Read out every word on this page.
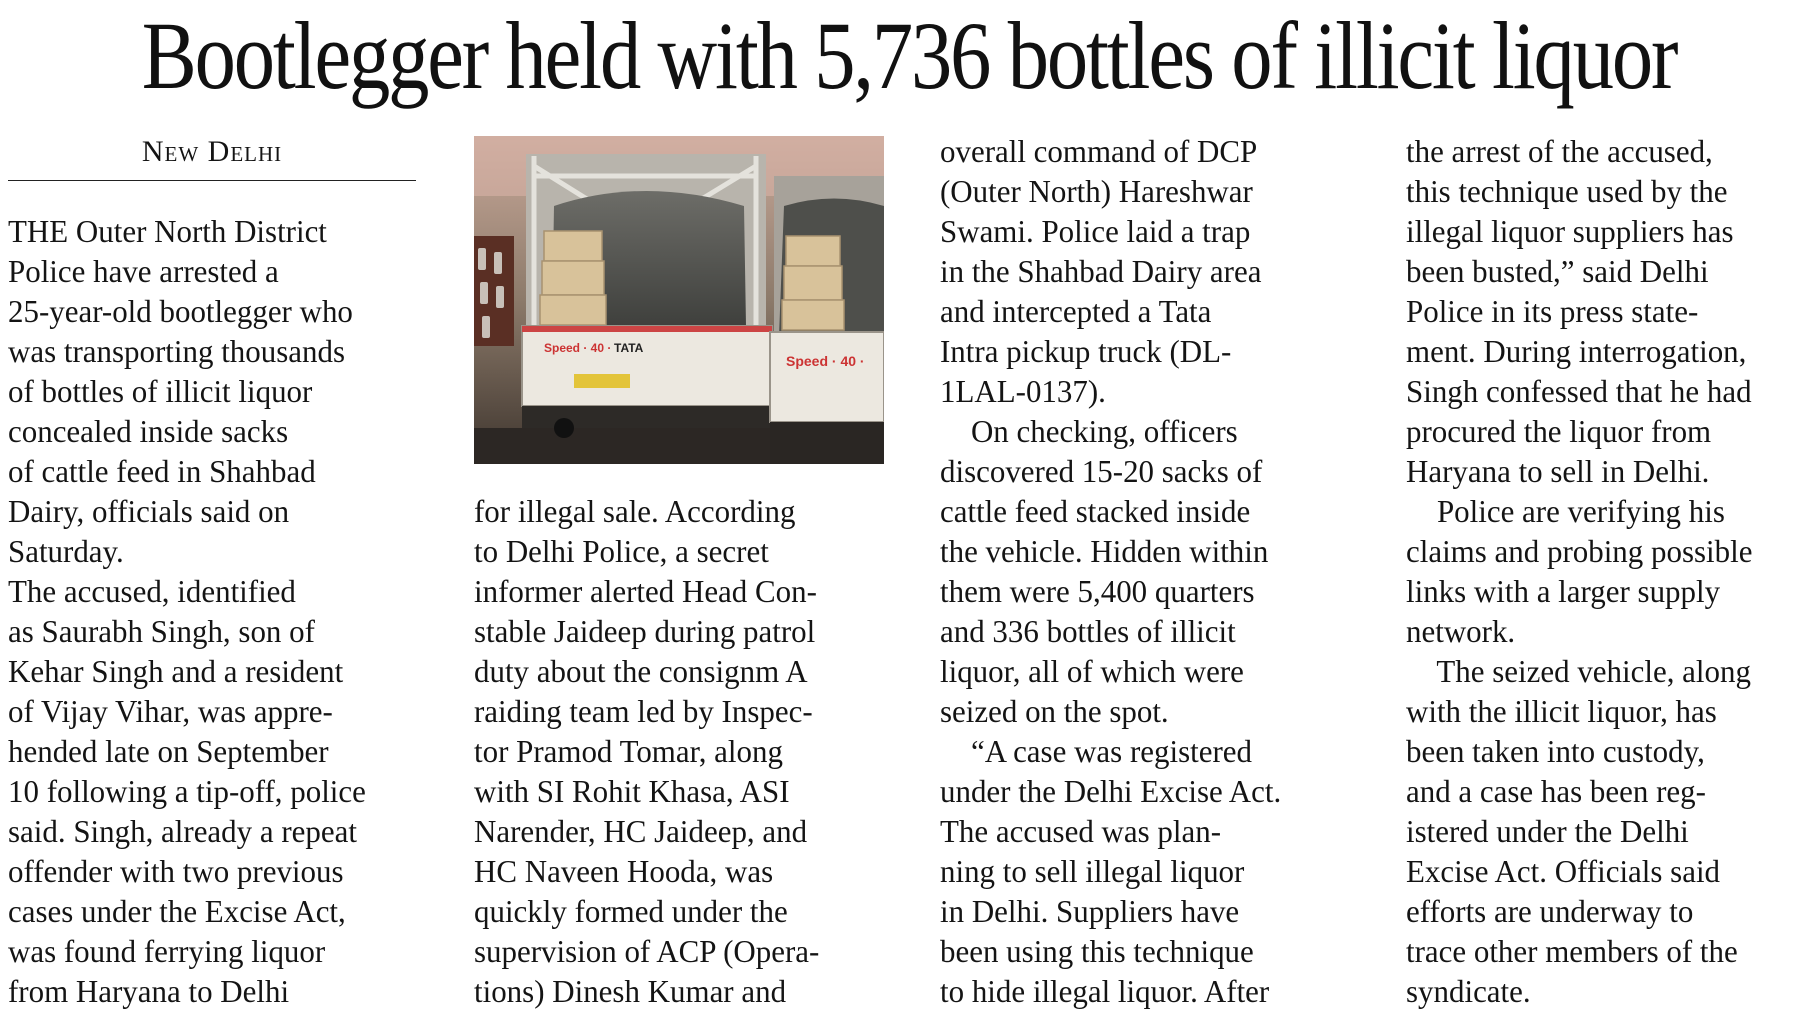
Bootlegger held with 5,736 bottles of illicit liquor
New Delhi
THE Outer North District
Police have arrested a
25-year-old bootlegger who
was transporting thousands
of bottles of illicit liquor
concealed inside sacks
of cattle feed in Shahbad
Dairy, officials said on
Saturday.
The accused, identified
as Saurabh Singh, son of
Kehar Singh and a resident
of Vijay Vihar, was appre-
hended late on September
10 following a tip-off, police
said. Singh, already a repeat
offender with two previous
cases under the Excise Act,
was found ferrying liquor
from Haryana to Delhi
Speed · 40 · TATA
Speed · 40 ·
for illegal sale. According
to Delhi Police, a secret
informer alerted Head Con-
stable Jaideep during patrol
duty about the consignm A
raiding team led by Inspec-
tor Pramod Tomar, along
with SI Rohit Khasa, ASI
Narender, HC Jaideep, and
HC Naveen Hooda, was
quickly formed under the
supervision of ACP (Opera-
tions) Dinesh Kumar and
overall command of DCP
(Outer North) Hareshwar
Swami. Police laid a trap
in the Shahbad Dairy area
and intercepted a Tata
Intra pickup truck (DL-
1LAL-0137).
On checking, officers
discovered 15-20 sacks of
cattle feed stacked inside
the vehicle. Hidden within
them were 5,400 quarters
and 336 bottles of illicit
liquor, all of which were
seized on the spot.
“A case was registered
under the Delhi Excise Act.
The accused was plan-
ning to sell illegal liquor
in Delhi. Suppliers have
been using this technique
to hide illegal liquor. After
the arrest of the accused,
this technique used by the
illegal liquor suppliers has
been busted,” said Delhi
Police in its press state-
ment. During interrogation,
Singh confessed that he had
procured the liquor from
Haryana to sell in Delhi.
Police are verifying his
claims and probing possible
links with a larger supply
network.
The seized vehicle, along
with the illicit liquor, has
been taken into custody,
and a case has been reg-
istered under the Delhi
Excise Act. Officials said
efforts are underway to
trace other members of the
syndicate.
